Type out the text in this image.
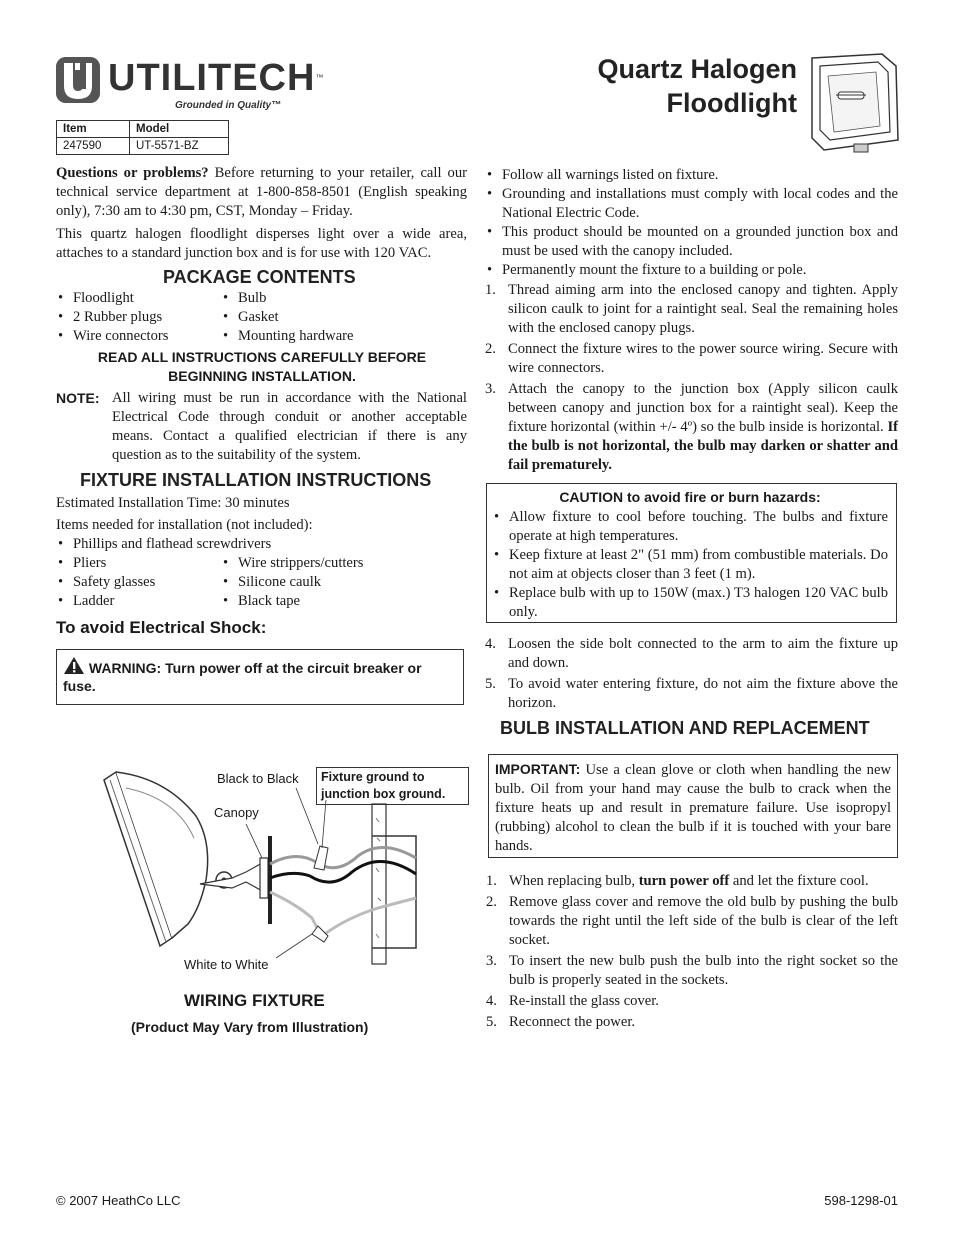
UTILITECH™
Grounded in Quality™
Item	Model
247590	UT-5571-BZ
Quartz Halogen
Floodlight
Questions or problems? Before returning to your retailer, call our technical service department at 1-800-858-8501 (English speaking only), 7:30 am to 4:30 pm, CST, Monday – Friday.
This quartz halogen floodlight disperses light over a wide area, attaches to a standard junction box and is for use with 120 VAC.
PACKAGE CONTENTS
• Floodlight
• 2 Rubber plugs
• Wire connectors
• Bulb
• Gasket
• Mounting hardware
READ ALL INSTRUCTIONS CAREFULLY BEFORE BEGINNING INSTALLATION.
NOTE: All wiring must be run in accordance with the National Electrical Code through conduit or another acceptable means. Contact a qualified electrician if there is any question as to the suitability of the system.
FIXTURE INSTALLATION INSTRUCTIONS
Estimated Installation Time: 30 minutes
Items needed for installation (not included):
• Phillips and flathead screwdrivers
• Pliers
• Safety glasses
• Ladder
• Wire strippers/cutters
• Silicone caulk
• Black tape
To avoid Electrical Shock:
WARNING: Turn power off at the circuit breaker or fuse.
Black to Black
Canopy
White to White
Fixture ground to junction box ground.
WIRING FIXTURE
(Product May Vary from Illustration)
• Follow all warnings listed on fixture.
• Grounding and installations must comply with local codes and the National Electric Code.
• This product should be mounted on a grounded junction box and must be used with the canopy included.
• Permanently mount the fixture to a building or pole.
1. Thread aiming arm into the enclosed canopy and tighten. Apply silicon caulk to joint for a raintight seal. Seal the remaining holes with the enclosed canopy plugs.
2. Connect the fixture wires to the power source wiring. Secure with wire connectors.
3. Attach the canopy to the junction box (Apply silicon caulk between canopy and junction box for a raintight seal). Keep the fixture horizontal (within +/- 4º) so the bulb inside is horizontal. If the bulb is not horizontal, the bulb may darken or shatter and fail prematurely.
CAUTION to avoid fire or burn hazards:
• Allow fixture to cool before touching. The bulbs and fixture operate at high temperatures.
• Keep fixture at least 2" (51 mm) from combustible materials. Do not aim at objects closer than 3 feet (1 m).
• Replace bulb with up to 150W (max.) T3 halogen 120 VAC bulb only.
4. Loosen the side bolt connected to the arm to aim the fixture up and down.
5. To avoid water entering fixture, do not aim the fixture above the horizon.
BULB INSTALLATION AND REPLACEMENT
IMPORTANT: Use a clean glove or cloth when handling the new bulb. Oil from your hand may cause the bulb to crack when the fixture heats up and result in premature failure. Use isopropyl (rubbing) alcohol to clean the bulb if it is touched with your bare hands.
1. When replacing bulb, turn power off and let the fixture cool.
2. Remove glass cover and remove the old bulb by pushing the bulb towards the right until the left side of the bulb is clear of the left socket.
3. To insert the new bulb push the bulb into the right socket so the bulb is properly seated in the sockets.
4. Re-install the glass cover.
5. Reconnect the power.
© 2007 HeathCo LLC	598-1298-01
